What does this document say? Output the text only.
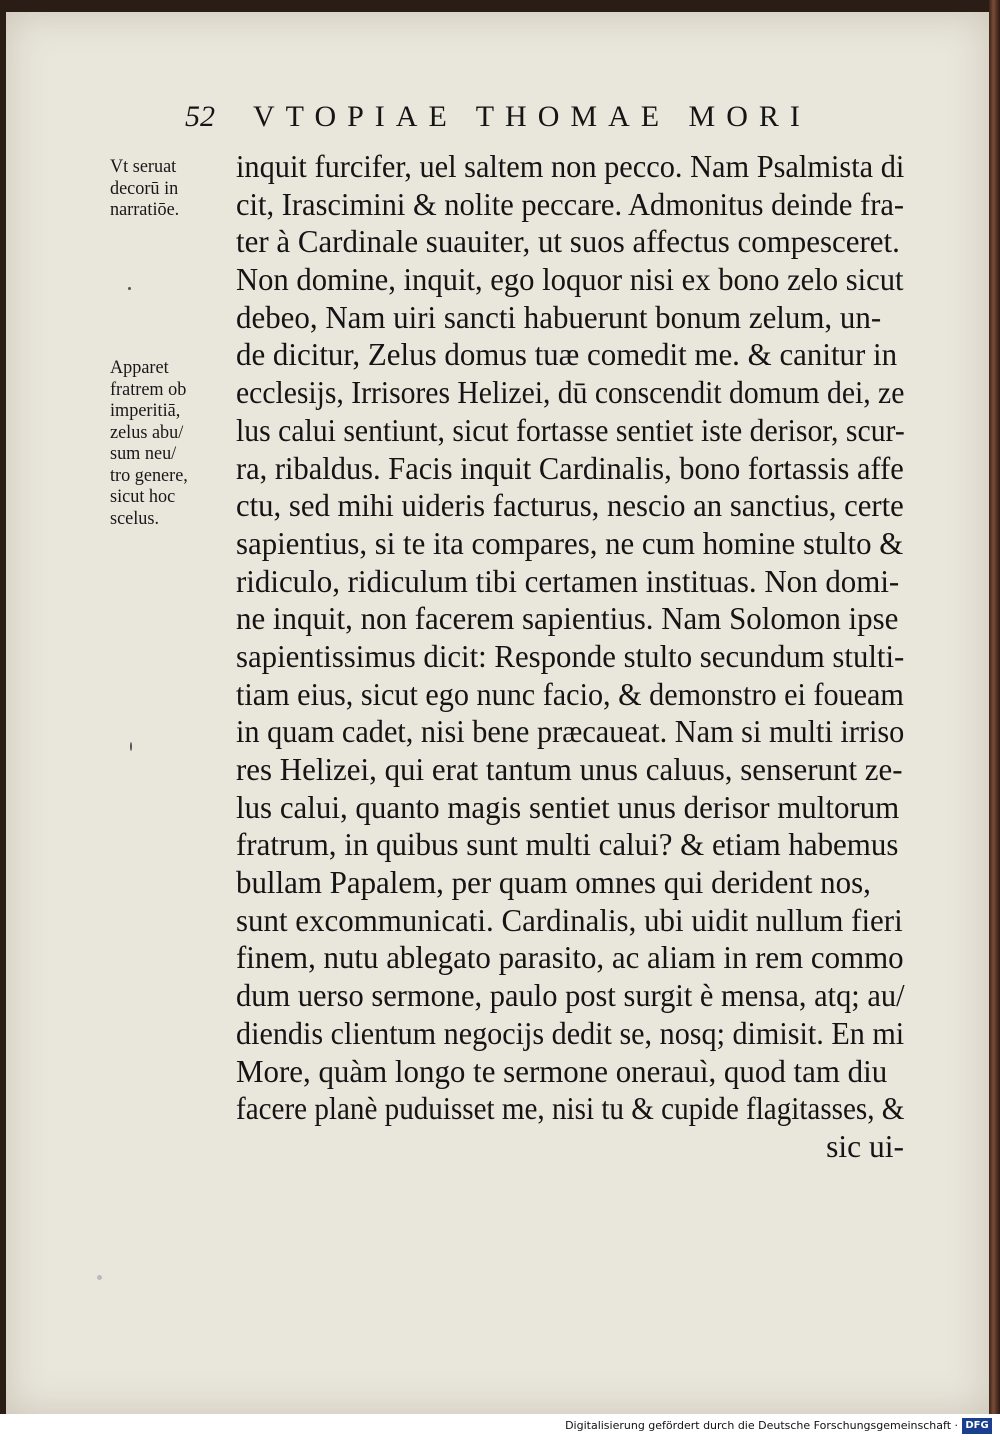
52 VTOPIAE THOMAE MORI
Vt seruat
decorū in
narratiōe.
Apparet
fratrem ob
imperitiā,
zelus abu/
sum neu/
tro genere,
sicut hoc
scelus.
inquit furcifer, uel saltem non pecco. Nam Psalmista di
cit, Irascimini & nolite peccare. Admonitus deinde fra-
ter à Cardinale suauiter, ut suos affectus compesceret.
Non domine, inquit, ego loquor nisi ex bono zelo sicut
debeo, Nam uiri sancti habuerunt bonum zelum, un-
de dicitur, Zelus domus tuæ comedit me. & canitur in
ecclesijs, Irrisores Helizei, dū conscendit domum dei, ze
lus calui sentiunt, sicut fortasse sentiet iste derisor, scur-
ra, ribaldus. Facis inquit Cardinalis, bono fortassis affe
ctu, sed mihi uideris facturus, nescio an sanctius, certe
sapientius, si te ita compares, ne cum homine stulto &
ridiculo, ridiculum tibi certamen instituas. Non domi-
ne inquit, non facerem sapientius. Nam Solomon ipse
sapientissimus dicit: Responde stulto secundum stulti-
tiam eius, sicut ego nunc facio, & demonstro ei foueam
in quam cadet, nisi bene præcaueat. Nam si multi irriso
res Helizei, qui erat tantum unus caluus, senserunt ze-
lus calui, quanto magis sentiet unus derisor multorum
fratrum, in quibus sunt multi calui? & etiam habemus
bullam Papalem, per quam omnes qui derident nos,
sunt excommunicati. Cardinalis, ubi uidit nullum fieri
finem, nutu ablegato parasito, ac aliam in rem commo
dum uerso sermone, paulo post surgit è mensa, atq; au/
diendis clientum negocijs dedit se, nosq; dimisit. En mi
More, quàm longo te sermone onerauì, quod tam diu
facere planè puduisset me, nisi tu & cupide flagitasses, &
sic ui-
Digitalisierung gefördert durch die Deutsche Forschungsgemeinschaft · DFG
